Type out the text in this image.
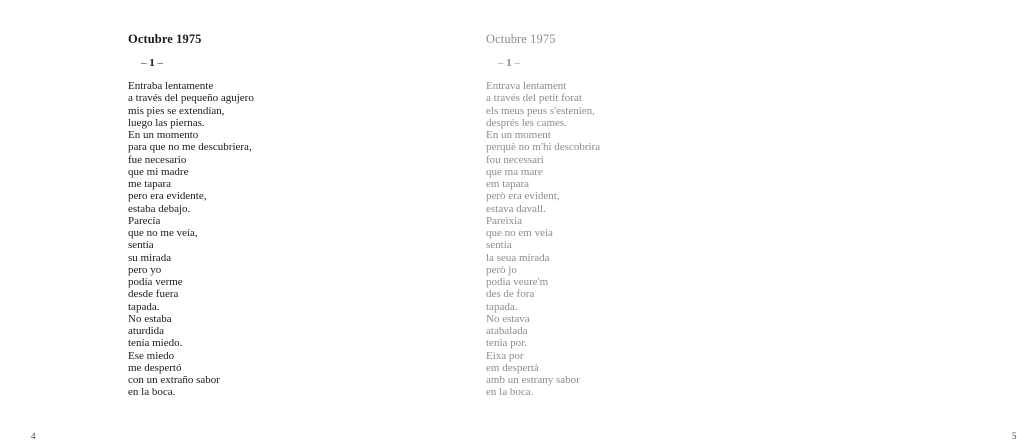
Octubre 1975
– 1 –
Entraba lentamente
a través del pequeño agujero
mis pies se extendían,
luego las piernas.
En un momento
para que no me descubriera,
fue necesario
que mi madre
me tapara
pero era evidente,
estaba debajo.
Parecía
que no me veía,
sentía
su mirada
pero yo
podía verme
desde fuera
tapada.
No estaba
aturdida
tenía miedo.
Ese miedo
me despertó
con un extraño sabor
en la boca.
4
Octubre 1975
– 1 –
Entrava lentament
a través del petit forat
els meus peus s'estenien,
després les cames.
En un moment
perquè no m'hi descobrira
fou necessari
que ma mare
em tapara
però era evident,
estava davall.
Pareixia
que no em veia
sentia
la seua mirada
però jo
podia veure'm
des de fora
tapada.
No estava
atabalada
tenia por.
Eixa por
em despertà
amb un estrany sabor
en la boca.
5
